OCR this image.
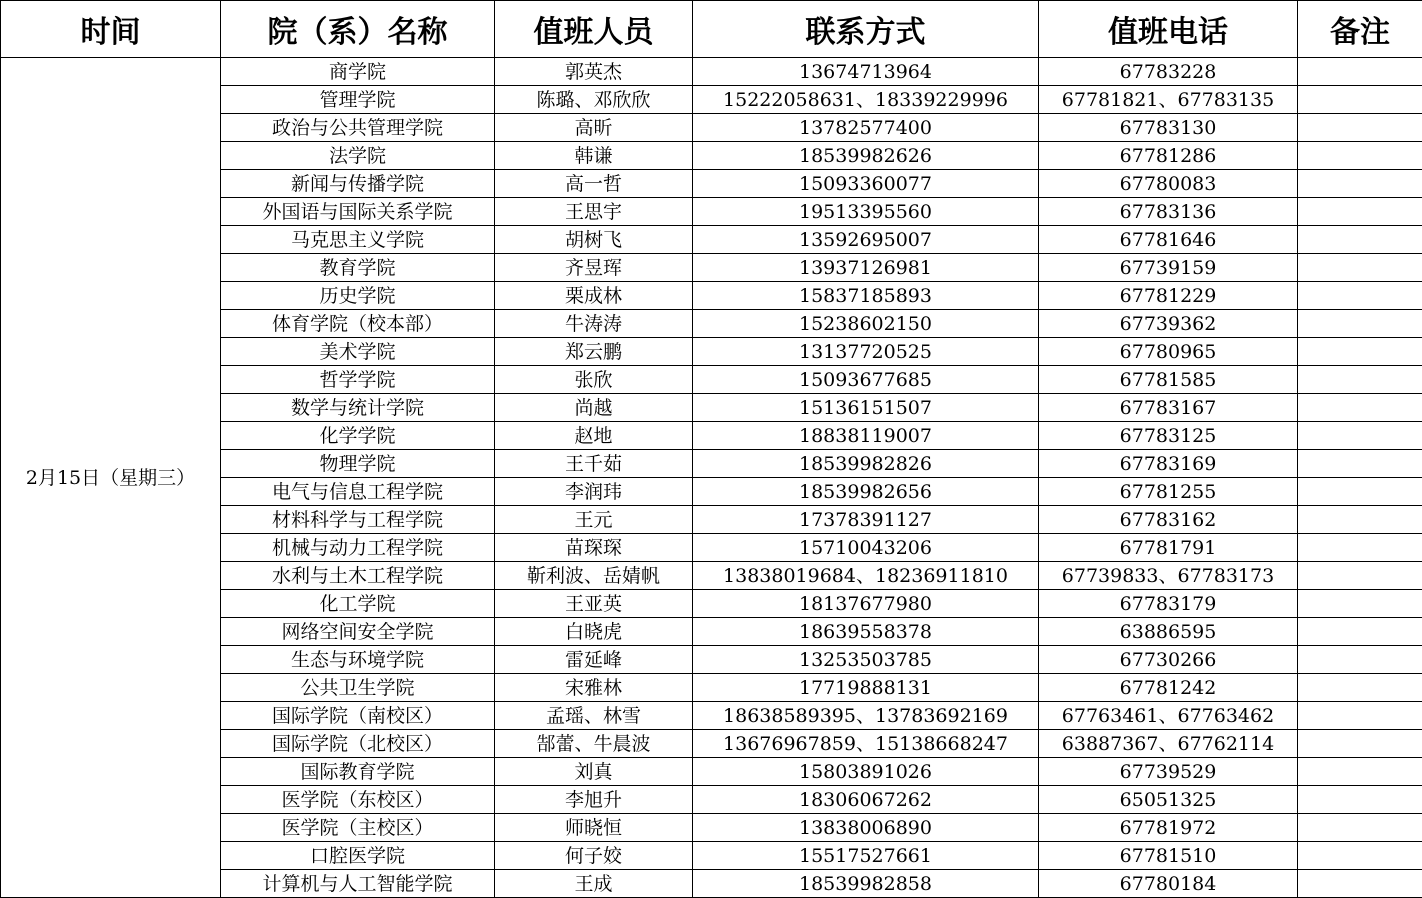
时间	院（系）名称	值班人员	联系方式	值班电话	备注
2月15日（星期三）	商学院	郭英杰	13674713964	67783228	
	管理学院	陈璐、邓欣欣	15222058631、18339229996	67781821、67783135	
	政治与公共管理学院	高昕	13782577400	67783130	
	法学院	韩谦	18539982626	67781286	
	新闻与传播学院	高一哲	15093360077	67780083	
	外国语与国际关系学院	王思宇	19513395560	67783136	
	马克思主义学院	胡树飞	13592695007	67781646	
	教育学院	齐昱珲	13937126981	67739159	
	历史学院	栗成林	15837185893	67781229	
	体育学院（校本部）	牛涛涛	15238602150	67739362	
	美术学院	郑云鹏	13137720525	67780965	
	哲学学院	张欣	15093677685	67781585	
	数学与统计学院	尚越	15136151507	67783167	
	化学学院	赵地	18838119007	67783125	
	物理学院	王千茹	18539982826	67783169	
	电气与信息工程学院	李润玮	18539982656	67781255	
	材料科学与工程学院	王元	17378391127	67783162	
	机械与动力工程学院	苗琛琛	15710043206	67781791	
	水利与土木工程学院	靳利波、岳婧帆	13838019684、18236911810	67739833、67783173	
	化工学院	王亚英	18137677980	67783179	
	网络空间安全学院	白晓虎	18639558378	63886595	
	生态与环境学院	雷延峰	13253503785	67730266	
	公共卫生学院	宋雅林	17719888131	67781242	
	国际学院（南校区）	孟瑶、林雪	18638589395、13783692169	67763461、67763462	
	国际学院（北校区）	郜蕾、牛晨波	13676967859、15138668247	63887367、67762114	
	国际教育学院	刘真	15803891026	67739529	
	医学院（东校区）	李旭升	18306067262	65051325	
	医学院（主校区）	师晓恒	13838006890	67781972	
	口腔医学院	何子姣	15517527661	67781510	
	计算机与人工智能学院	王成	18539982858	67780184	
